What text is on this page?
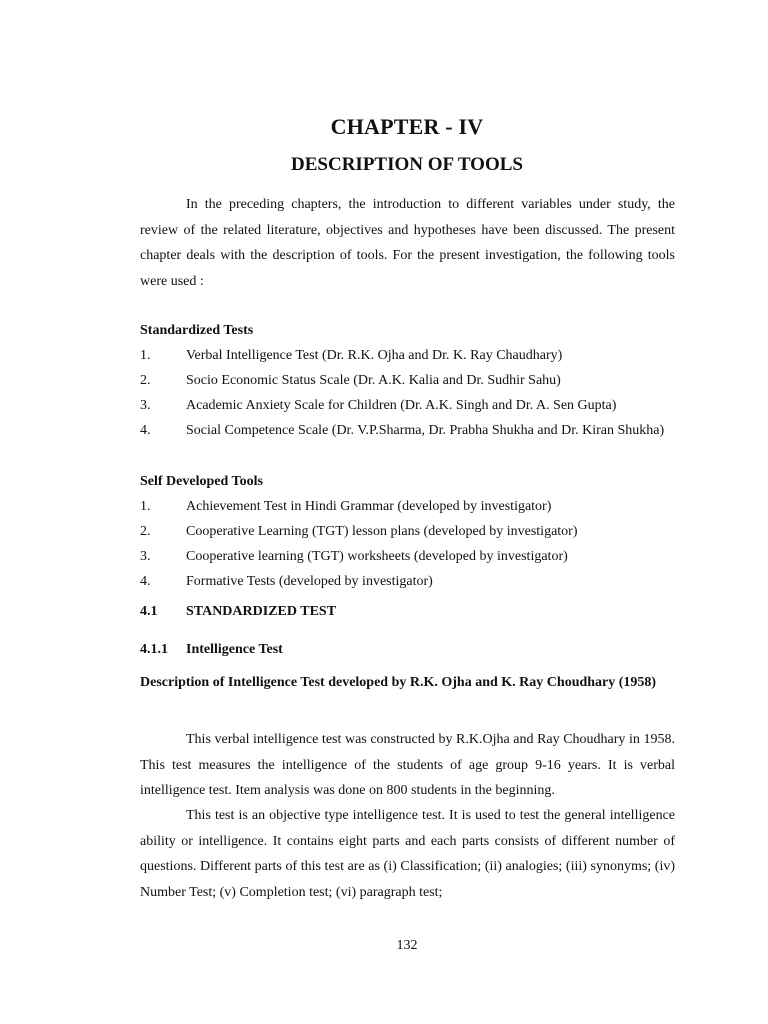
CHAPTER - IV
DESCRIPTION OF TOOLS

In the preceding chapters, the introduction to different variables under study, the review of the related literature, objectives and hypotheses have been discussed. The present chapter deals with the description of tools. For the present investigation, the following tools were used :

Standardized Tests
1.	Verbal Intelligence Test (Dr. R.K. Ojha and Dr. K. Ray Chaudhary)
2.	Socio Economic Status Scale (Dr. A.K. Kalia and Dr. Sudhir Sahu)
3.	Academic Anxiety Scale for Children (Dr. A.K. Singh and Dr. A. Sen Gupta)
4.	Social Competence Scale (Dr. V.P.Sharma, Dr. Prabha Shukha and Dr. Kiran Shukha)
Self Developed Tools
1.	Achievement Test in Hindi Grammar (developed by investigator)
2.	Cooperative Learning (TGT) lesson plans (developed by investigator)
3.	Cooperative learning (TGT) worksheets (developed by investigator)
4.	Formative Tests (developed by investigator)
4.1	STANDARDIZED TEST
4.1.1	Intelligence Test
Description of Intelligence Test developed by R.K. Ojha and K. Ray Choudhary (1958)

This verbal intelligence test was constructed by R.K.Ojha and Ray Choudhary in 1958. This test measures the intelligence of the students of age group 9-16 years. It is verbal intelligence test. Item analysis was done on 800 students in the beginning.

This test is an objective type intelligence test. It is used to test the general intelligence ability or intelligence. It contains eight parts and each parts consists of different number of questions. Different parts of this test are as (i) Classification; (ii) analogies; (iii) synonyms; (iv) Number Test; (v) Completion test; (vi) paragraph test;

132
